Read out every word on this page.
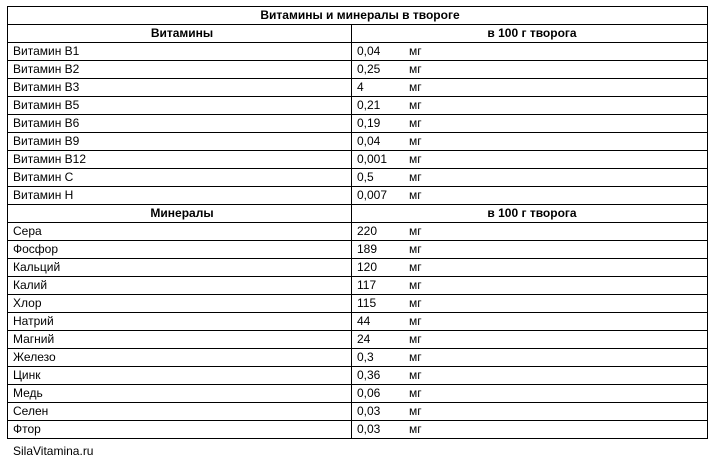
Витамины и минералы в твороге	
Витамины	в 100 г творога
Витамин B1	0,04 мг
Витамин B2	0,25 мг
Витамин B3	4 мг
Витамин B5	0,21 мг
Витамин B6	0,19 мг
Витамин B9	0,04 мг
Витамин B12	0,001 мг
Витамин C	0,5 мг
Витамин H	0,007 мг
Минералы	в 100 г творога
Сера	220 мг
Фосфор	189 мг
Кальций	120 мг
Калий	117 мг
Хлор	115 мг
Натрий	44 мг
Магний	24 мг
Железо	0,3 мг
Цинк	0,36 мг
Медь	0,06 мг
Селен	0,03 мг
Фтор	0,03 мг
SilaVitamina.ru
